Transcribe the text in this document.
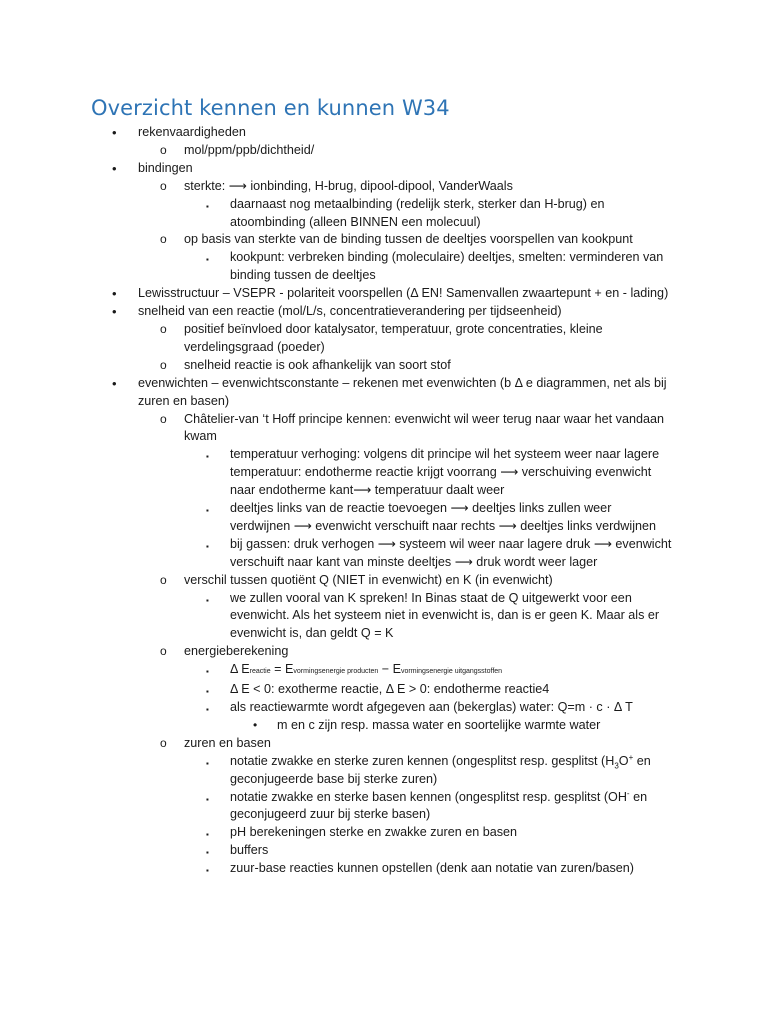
Overzicht kennen en kunnen W34
• rekenvaardigheden
o mol/ppm/ppb/dichtheid/
• bindingen
o sterkte: ⟶ ionbinding, H-brug, dipool-dipool, VanderWaals
▪ daarnaast nog metaalbinding (redelijk sterk, sterker dan H-brug) en atoombinding (alleen BINNEN een molecuul)
o op basis van sterkte van de binding tussen de deeltjes voorspellen van kookpunt
▪ kookpunt: verbreken binding (moleculaire) deeltjes, smelten: verminderen van binding tussen de deeltjes
• Lewisstructuur – VSEPR - polariteit voorspellen (Δ EN! Samenvallen zwaartepunt + en - lading)
• snelheid van een reactie (mol/L/s, concentratieverandering per tijdseenheid)
o positief beïnvloed door katalysator, temperatuur, grote concentraties, kleine verdelingsgraad (poeder)
o snelheid reactie is ook afhankelijk van soort stof
• evenwichten – evenwichtsconstante – rekenen met evenwichten (b Δ e diagrammen, net als bij zuren en basen)
o Châtelier-van ‘t Hoff principe kennen: evenwicht wil weer terug naar waar het vandaan kwam
▪ temperatuur verhoging: volgens dit principe wil het systeem weer naar lagere temperatuur: endotherme reactie krijgt voorrang ⟶ verschuiving evenwicht naar endotherme kant⟶ temperatuur daalt weer
▪ deeltjes links van de reactie toevoegen ⟶ deeltjes links zullen weer verdwijnen ⟶ evenwicht verschuift naar rechts ⟶ deeltjes links verdwijnen
▪ bij gassen: druk verhogen ⟶ systeem wil weer naar lagere druk ⟶ evenwicht verschuift naar kant van minste deeltjes ⟶ druk wordt weer lager
o verschil tussen quotiënt Q (NIET in evenwicht) en K (in evenwicht)
▪ we zullen vooral van K spreken! In Binas staat de Q uitgewerkt voor een evenwicht. Als het systeem niet in evenwicht is, dan is er geen K. Maar als er evenwicht is, dan geldt Q = K
o energieberekening
▪ Δ Ereactie = Evormingsenergie producten − Evormingsenergie uitgangsstoffen
▪ Δ E < 0: exotherme reactie, Δ E > 0: endotherme reactie4
▪ als reactiewarmte wordt afgegeven aan (bekerglas) water: Q=m · c · Δ T
• m en c zijn resp. massa water en soortelijke warmte water
o zuren en basen
▪ notatie zwakke en sterke zuren kennen (ongesplitst resp. gesplitst ($H_3O^+$ en geconjugeerde base bij sterke zuren)
▪ notatie zwakke en sterke basen kennen (ongesplitst resp. gesplitst (OH- en geconjugeerd zuur bij sterke basen)
▪ pH berekeningen sterke en zwakke zuren en basen
▪ buffers
▪ zuur-base reacties kunnen opstellen (denk aan notatie van zuren/basen)
